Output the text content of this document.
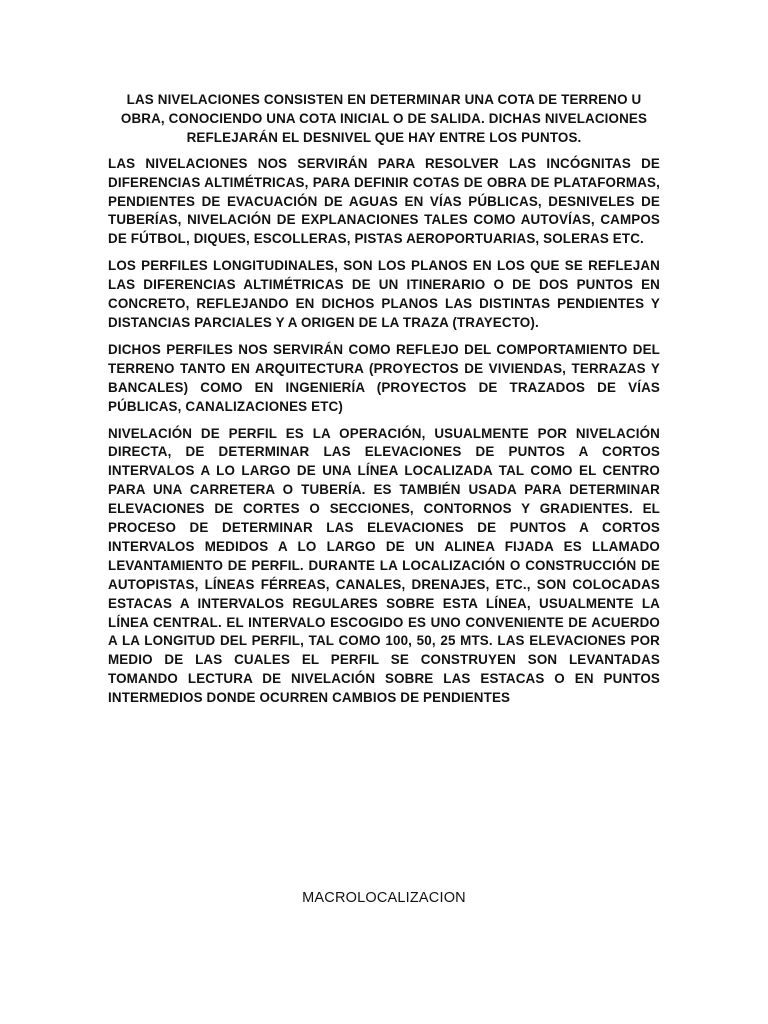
LAS NIVELACIONES CONSISTEN EN DETERMINAR UNA COTA DE TERRENO U OBRA, CONOCIENDO UNA COTA INICIAL O DE SALIDA. DICHAS NIVELACIONES REFLEJARÁN EL DESNIVEL QUE HAY ENTRE LOS PUNTOS.

LAS NIVELACIONES NOS SERVIRÁN PARA RESOLVER LAS INCÓGNITAS DE DIFERENCIAS ALTIMÉTRICAS, PARA DEFINIR COTAS DE OBRA DE PLATAFORMAS, PENDIENTES DE EVACUACIÓN DE AGUAS EN VÍAS PÚBLICAS, DESNIVELES DE TUBERÍAS, NIVELACIÓN DE EXPLANACIONES TALES COMO AUTOVÍAS, CAMPOS DE FÚTBOL, DIQUES, ESCOLLERAS, PISTAS AEROPORTUARIAS, SOLERAS ETC.

LOS PERFILES LONGITUDINALES, SON LOS PLANOS EN LOS QUE SE REFLEJAN LAS DIFERENCIAS ALTIMÉTRICAS DE UN ITINERARIO O DE DOS PUNTOS EN CONCRETO, REFLEJANDO EN DICHOS PLANOS LAS DISTINTAS PENDIENTES Y DISTANCIAS PARCIALES Y A ORIGEN DE LA TRAZA (TRAYECTO).

DICHOS PERFILES NOS SERVIRÁN COMO REFLEJO DEL COMPORTAMIENTO DEL TERRENO TANTO EN ARQUITECTURA (PROYECTOS DE VIVIENDAS, TERRAZAS Y BANCALES) COMO EN INGENIERÍA (PROYECTOS DE TRAZADOS DE VÍAS PÚBLICAS, CANALIZACIONES ETC)

NIVELACIÓN DE PERFIL ES LA OPERACIÓN, USUALMENTE POR NIVELACIÓN DIRECTA, DE DETERMINAR LAS ELEVACIONES DE PUNTOS A CORTOS INTERVALOS A LO LARGO DE UNA LÍNEA LOCALIZADA TAL COMO EL CENTRO PARA UNA CARRETERA O TUBERÍA. ES TAMBIÉN USADA PARA DETERMINAR ELEVACIONES DE CORTES O SECCIONES, CONTORNOS Y GRADIENTES. EL PROCESO DE DETERMINAR LAS ELEVACIONES DE PUNTOS A CORTOS INTERVALOS MEDIDOS A LO LARGO DE UN ALINEA FIJADA ES LLAMADO LEVANTAMIENTO DE PERFIL. DURANTE LA LOCALIZACIÓN O CONSTRUCCIÓN DE AUTOPISTAS, LÍNEAS FÉRREAS, CANALES, DRENAJES, ETC., SON COLOCADAS ESTACAS A INTERVALOS REGULARES SOBRE ESTA LÍNEA, USUALMENTE LA LÍNEA CENTRAL. EL INTERVALO ESCOGIDO ES UNO CONVENIENTE DE ACUERDO A LA LONGITUD DEL PERFIL, TAL COMO 100, 50, 25 MTS. LAS ELEVACIONES POR MEDIO DE LAS CUALES EL PERFIL SE CONSTRUYEN SON LEVANTADAS TOMANDO LECTURA DE NIVELACIÓN SOBRE LAS ESTACAS O EN PUNTOS INTERMEDIOS DONDE OCURREN CAMBIOS DE PENDIENTES

MACROLOCALIZACION
